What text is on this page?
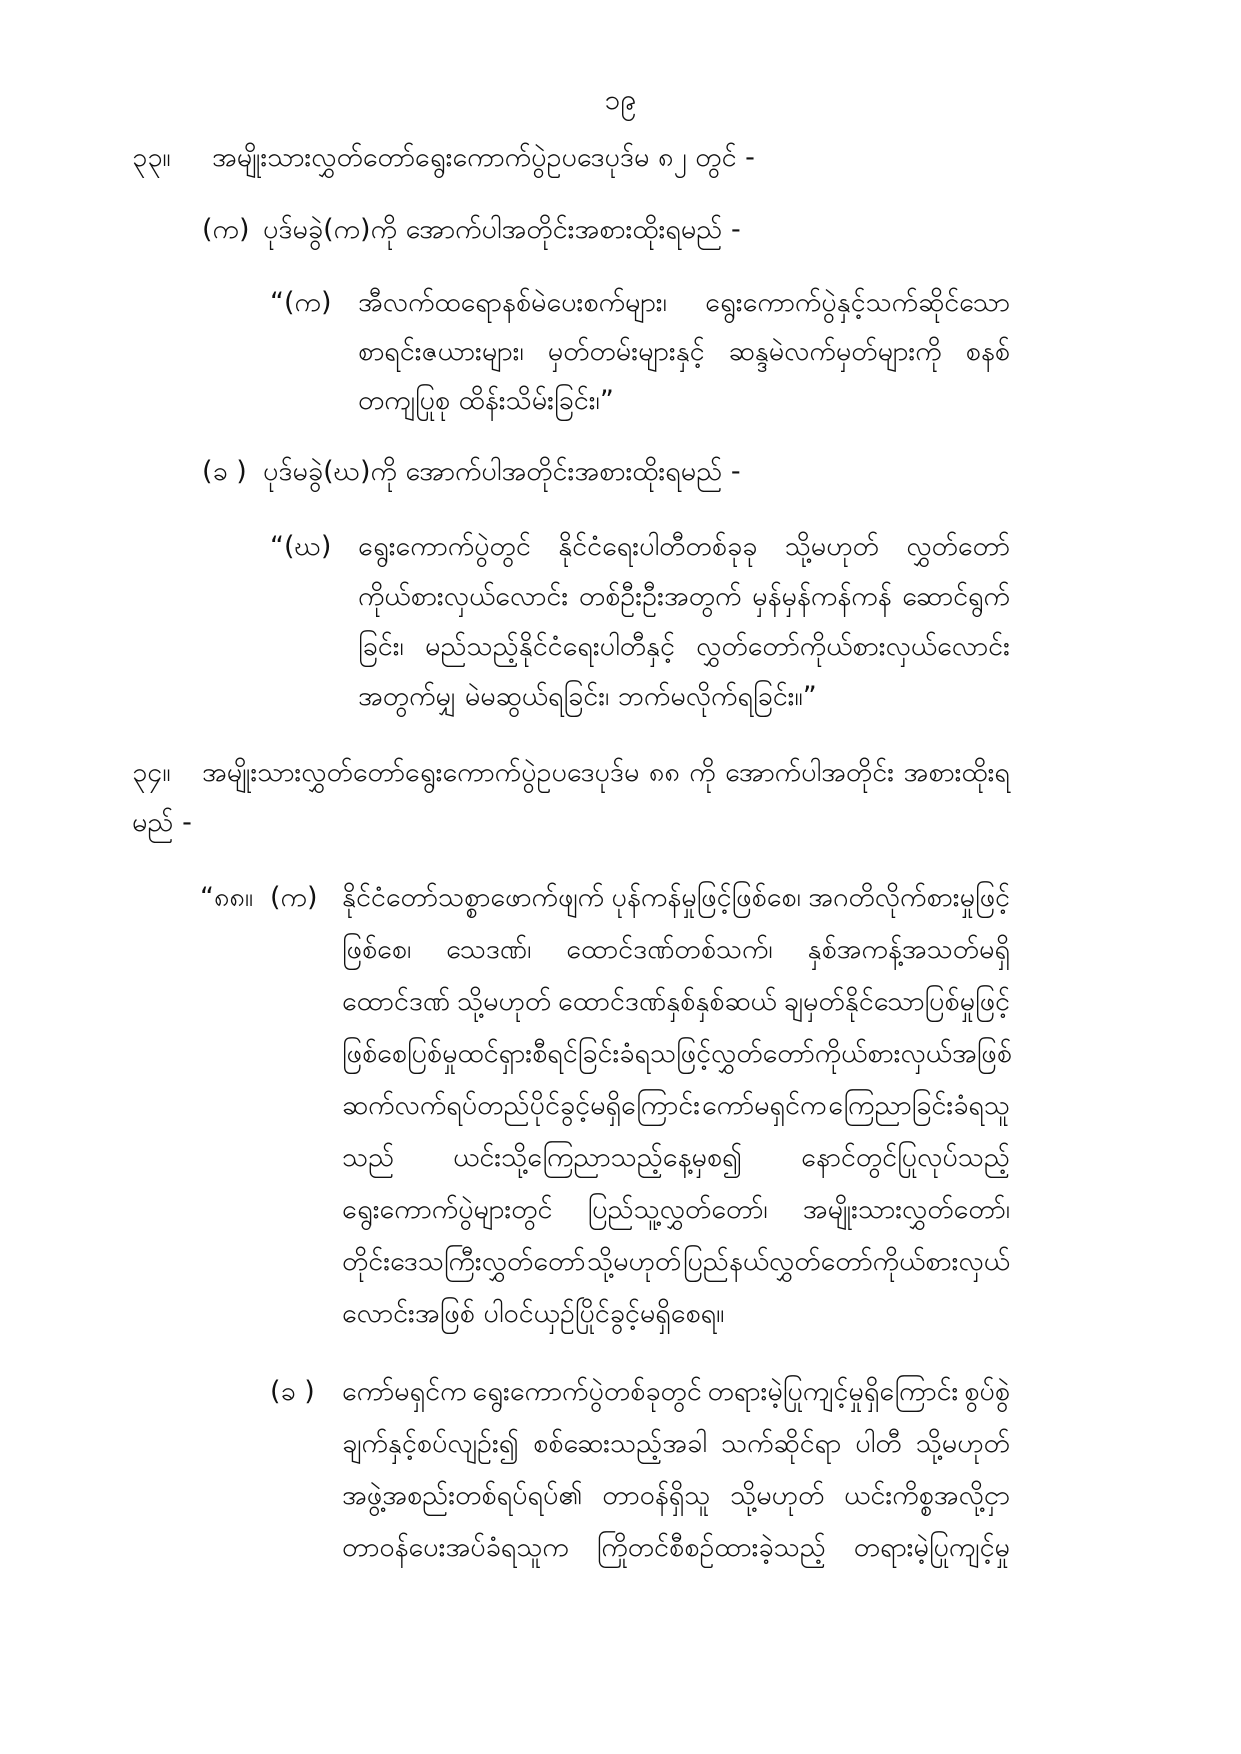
၁၉
၃၃။ အမျိုးသားလွှတ်တော်ရွေးကောက်ပွဲဥပဒေပုဒ်မ ၈၂ တွင် -
(က) ပုဒ်မခွဲ(က)ကို အောက်ပါအတိုင်းအစားထိုးရမည် -
“(က) အီလက်ထရောနစ်မဲပေးစက်များ၊ ရွေးကောက်ပွဲနှင့်သက်ဆိုင်သော
စာရင်းဇယားများ၊ မှတ်တမ်းများနှင့် ဆန္ဒမဲလက်မှတ်များကို စနစ်
တကျပြုစု ထိန်းသိမ်းခြင်း၊”
(ခ ) ပုဒ်မခွဲ(ဃ)ကို အောက်ပါအတိုင်းအစားထိုးရမည် -
“(ဃ) ရွေးကောက်ပွဲတွင် နိုင်ငံရေးပါတီတစ်ခုခု သို့မဟုတ် လွှတ်တော်
ကိုယ်စားလှယ်လောင်း တစ်ဦးဦးအတွက် မှန်မှန်ကန်ကန် ဆောင်ရွက်
ခြင်း၊ မည်သည့်နိုင်ငံရေးပါတီနှင့် လွှတ်တော်ကိုယ်စားလှယ်လောင်း
အတွက်မျှ မဲမဆွယ်ရခြင်း၊ ဘက်မလိုက်ရခြင်း။”
၃၄။ အမျိုးသားလွှတ်တော်ရွေးကောက်ပွဲဥပဒေပုဒ်မ ၈၈ ကို အောက်ပါအတိုင်း အစားထိုးရ
မည် -
“၈၈။ (က) နိုင်ငံတော်သစ္စာဖောက်ဖျက် ပုန်ကန်မှုဖြင့်ဖြစ်စေ၊ အဂတိလိုက်စားမှုဖြင့်
ဖြစ်စေ၊ သေဒဏ်၊ ထောင်ဒဏ်တစ်သက်၊ နှစ်အကန့်အသတ်မရှိ
ထောင်ဒဏ် သို့မဟုတ် ထောင်ဒဏ်နှစ်နှစ်ဆယ် ချမှတ်နိုင်သောပြစ်မှုဖြင့်
ဖြစ်စေ ပြစ်မှုထင်ရှားစီရင်ခြင်းခံရသဖြင့် လွှတ်တော်ကိုယ်စားလှယ်အဖြစ်
ဆက်လက်ရပ်တည်ပိုင်ခွင့်မရှိကြောင်း ကော်မရှင်က ကြေညာခြင်းခံရသူ
သည် ယင်းသို့ကြေညာသည့်နေ့မှစ၍ နောင်တွင်ပြုလုပ်သည့်
ရွေးကောက်ပွဲများတွင် ပြည်သူ့လွှတ်တော်၊ အမျိုးသားလွှတ်တော်၊
တိုင်းဒေသကြီးလွှတ်တော် သို့မဟုတ် ပြည်နယ်လွှတ်တော်ကိုယ်စားလှယ်
လောင်းအဖြစ် ပါဝင်ယှဉ်ပြိုင်ခွင့်မရှိစေရ။
(ခ ) ကော်မရှင်က ရွေးကောက်ပွဲတစ်ခုတွင် တရားမဲ့ပြုကျင့်မှုရှိကြောင်း စွပ်စွဲ
ချက်နှင့်စပ်လျဉ်း၍ စစ်ဆေးသည့်အခါ သက်ဆိုင်ရာ ပါတီ သို့မဟုတ်
အဖွဲ့အစည်းတစ်ရပ်ရပ်၏ တာဝန်ရှိသူ သို့မဟုတ် ယင်းကိစ္စအလို့ငှာ
တာဝန်ပေးအပ်ခံရသူက ကြိုတင်စီစဉ်ထားခဲ့သည့် တရားမဲ့ပြုကျင့်မှု
